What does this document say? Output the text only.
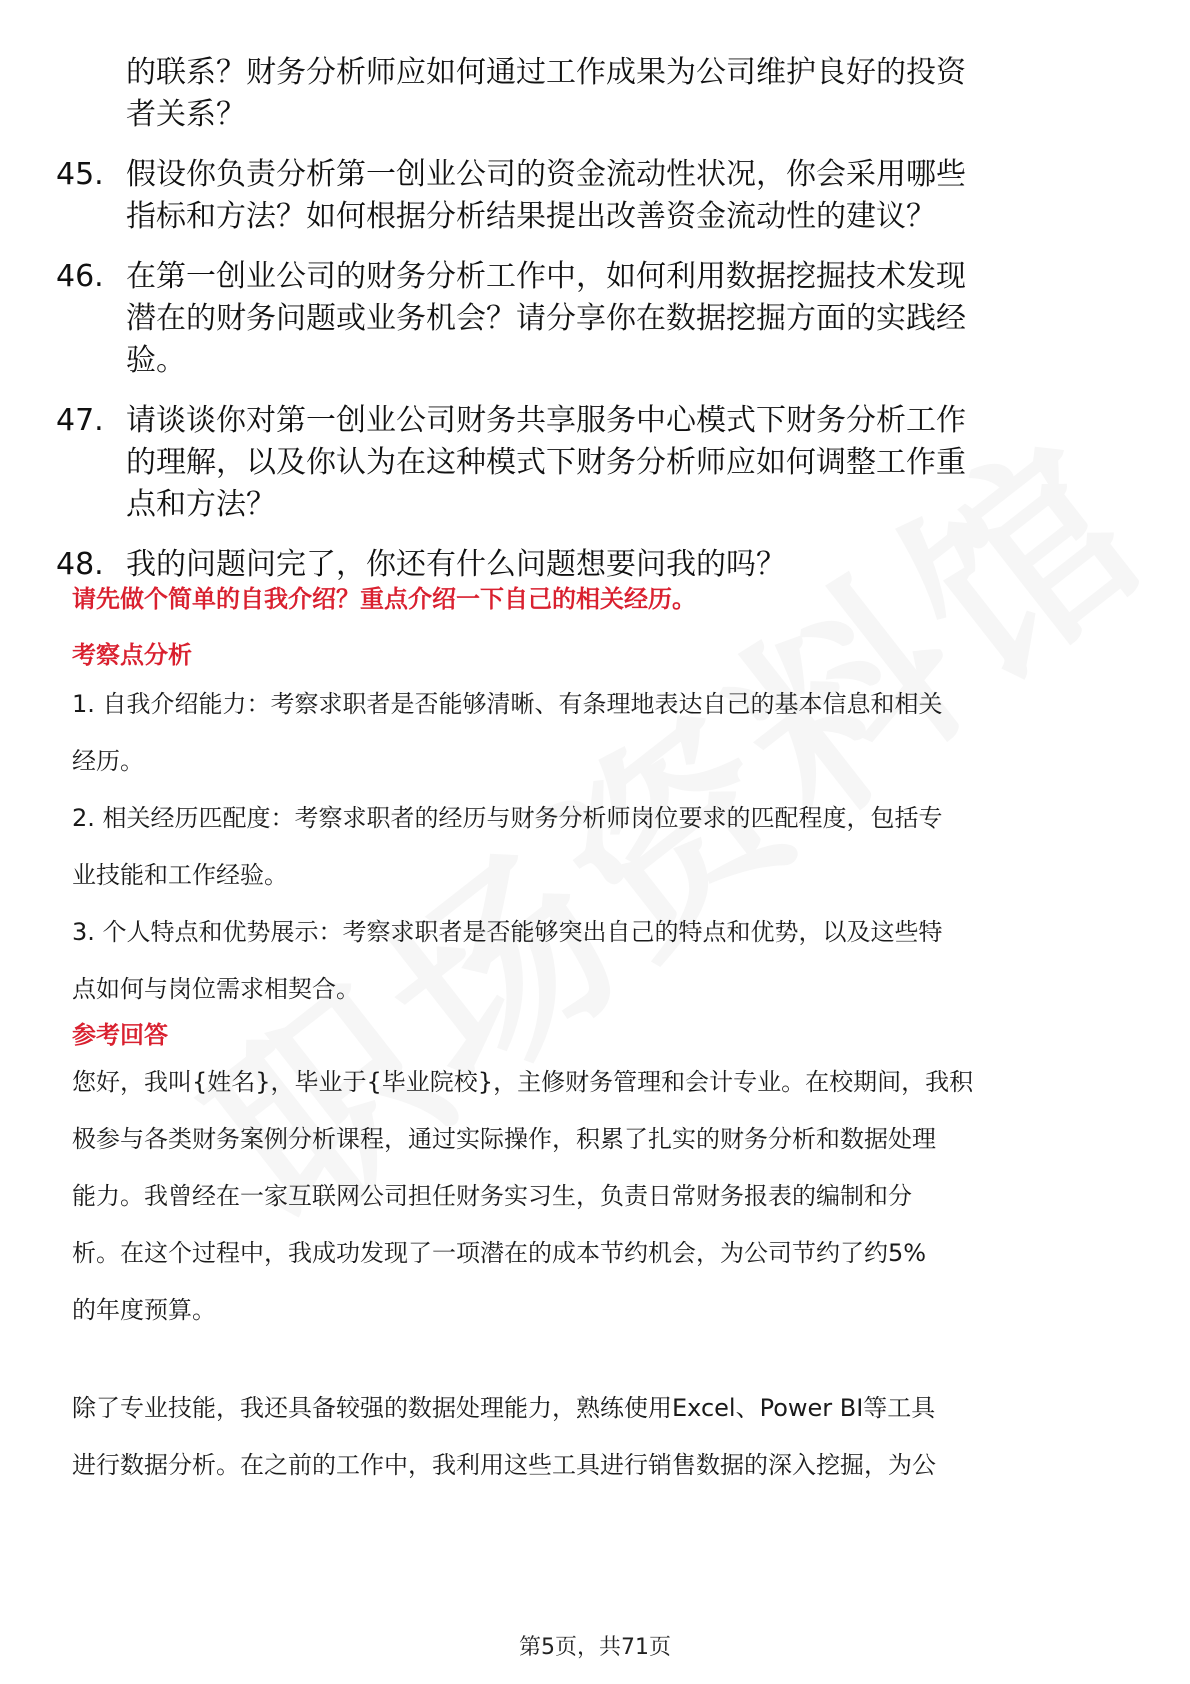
的联系？财务分析师应如何通过工作成果为公司维护良好的投资
者关系？
45. 假设你负责分析第一创业公司的资金流动性状况，你会采用哪些
指标和方法？如何根据分析结果提出改善资金流动性的建议？
46. 在第一创业公司的财务分析工作中，如何利用数据挖掘技术发现
潜在的财务问题或业务机会？请分享你在数据挖掘方面的实践经
验。
47. 请谈谈你对第一创业公司财务共享服务中心模式下财务分析工作
的理解，以及你认为在这种模式下财务分析师应如何调整工作重
点和方法？
48. 我的问题问完了，你还有什么问题想要问我的吗？
请先做个简单的自我介绍？重点介绍一下自己的相关经历。
考察点分析
1. 自我介绍能力：考察求职者是否能够清晰、有条理地表达自己的基本信息和相关
经历。
2. 相关经历匹配度：考察求职者的经历与财务分析师岗位要求的匹配程度，包括专
业技能和工作经验。
3. 个人特点和优势展示：考察求职者是否能够突出自己的特点和优势，以及这些特
点如何与岗位需求相契合。
参考回答
您好，我叫{姓名}，毕业于{毕业院校}，主修财务管理和会计专业。在校期间，我积
极参与各类财务案例分析课程，通过实际操作，积累了扎实的财务分析和数据处理
能力。我曾经在一家互联网公司担任财务实习生，负责日常财务报表的编制和分
析。在这个过程中，我成功发现了一项潜在的成本节约机会，为公司节约了约5%
的年度预算。
除了专业技能，我还具备较强的数据处理能力，熟练使用Excel、Power BI等工具
进行数据分析。在之前的工作中，我利用这些工具进行销售数据的深入挖掘，为公
第5页，共71页
